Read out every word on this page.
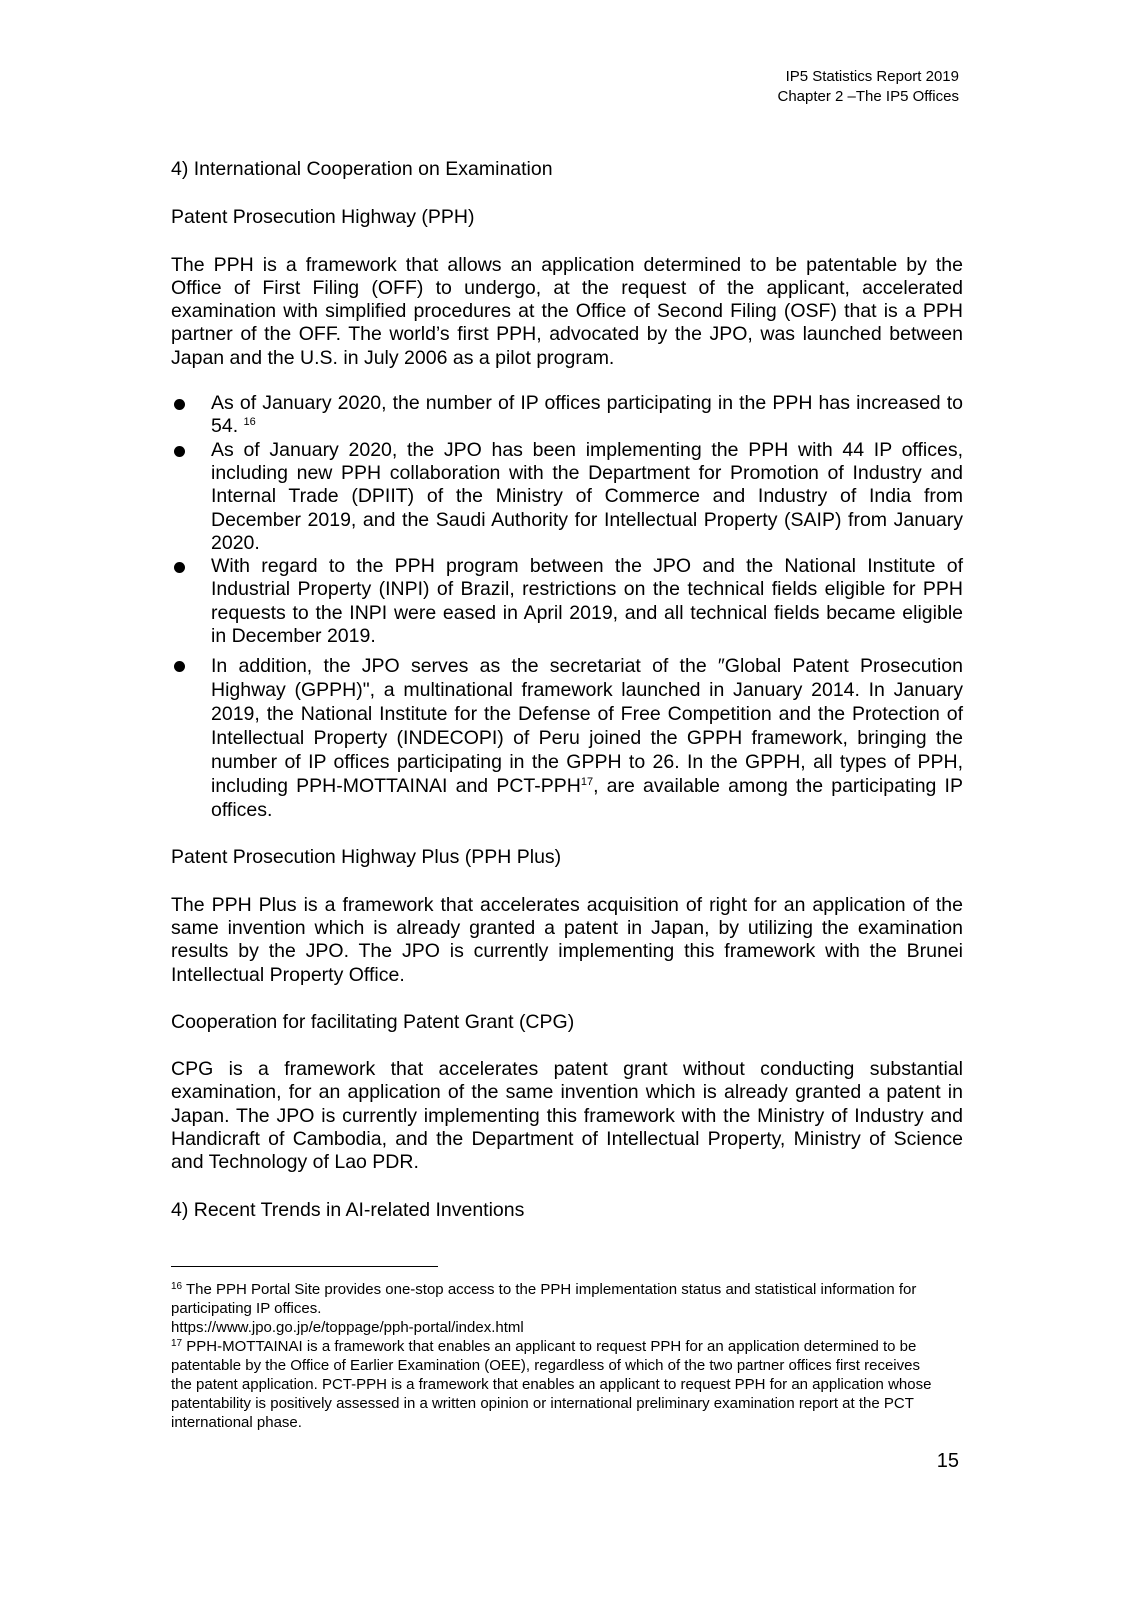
IP5 Statistics Report 2019
Chapter 2 –The IP5 Offices

4) International Cooperation on Examination

Patent Prosecution Highway (PPH)

The PPH is a framework that allows an application determined to be patentable by the Office of First Filing (OFF) to undergo, at the request of the applicant, accelerated examination with simplified procedures at the Office of Second Filing (OSF) that is a PPH partner of the OFF. The world’s first PPH, advocated by the JPO, was launched between Japan and the U.S. in July 2006 as a pilot program.

As of January 2020, the number of IP offices participating in the PPH has increased to 54. $^{16}$
As of January 2020, the JPO has been implementing the PPH with 44 IP offices, including new PPH collaboration with the Department for Promotion of Industry and Internal Trade (DPIIT) of the Ministry of Commerce and Industry of India from December 2019, and the Saudi Authority for Intellectual Property (SAIP) from January 2020.
With regard to the PPH program between the JPO and the National Institute of Industrial Property (INPI) of Brazil, restrictions on the technical fields eligible for PPH requests to the INPI were eased in April 2019, and all technical fields became eligible in December 2019.
In addition, the JPO serves as the secretariat of the ″Global Patent Prosecution Highway (GPPH)", a multinational framework launched in January 2014. In January 2019, the National Institute for the Defense of Free Competition and the Protection of Intellectual Property (INDECOPI) of Peru joined the GPPH framework, bringing the number of IP offices participating in the GPPH to 26. In the GPPH, all types of PPH, including PPH-MOTTAINAI and PCT-PPH$^{17}$, are available among the participating IP offices.

Patent Prosecution Highway Plus (PPH Plus)

The PPH Plus is a framework that accelerates acquisition of right for an application of the same invention which is already granted a patent in Japan, by utilizing the examination results by the JPO. The JPO is currently implementing this framework with the Brunei Intellectual Property Office.

Cooperation for facilitating Patent Grant (CPG)

CPG is a framework that accelerates patent grant without conducting substantial examination, for an application of the same invention which is already granted a patent in Japan. The JPO is currently implementing this framework with the Ministry of Industry and Handicraft of Cambodia, and the Department of Intellectual Property, Ministry of Science and Technology of Lao PDR.

4) Recent Trends in AI-related Inventions

$^{16}$ The PPH Portal Site provides one-stop access to the PPH implementation status and statistical information for participating IP offices.

https://www.jpo.go.jp/e/toppage/pph-portal/index.html

$^{17}$ PPH-MOTTAINAI is a framework that enables an applicant to request PPH for an application determined to be patentable by the Office of Earlier Examination (OEE), regardless of which of the two partner offices first receives the patent application. PCT-PPH is a framework that enables an applicant to request PPH for an application whose patentability is positively assessed in a written opinion or international preliminary examination report at the PCT international phase.

15
